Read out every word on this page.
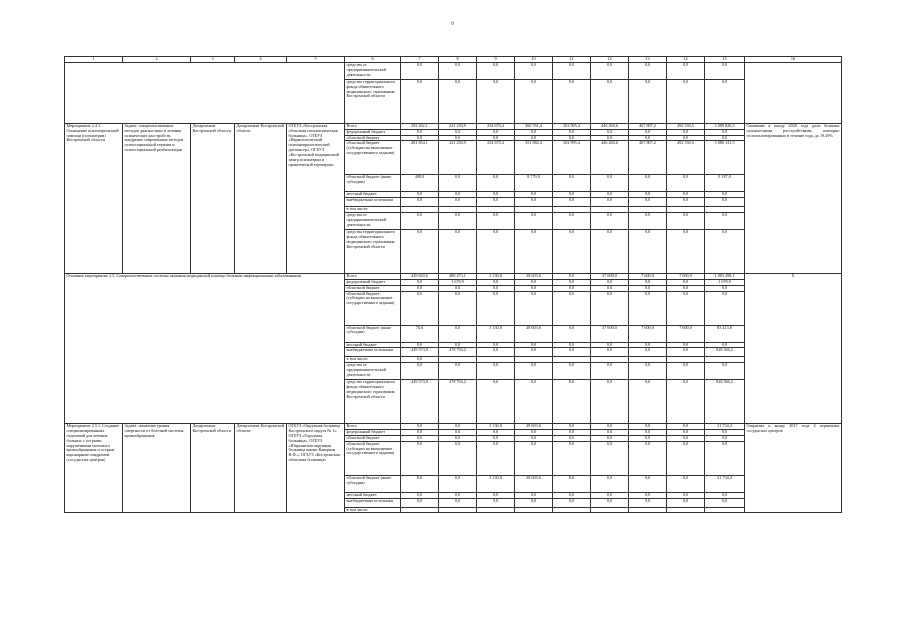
9
1	2	3	4	5	6	7	8	9	10	11	12	13	14	15	16
					средства от предпринимательской деятельности	0,0	0,0	0,0	0,0	0,0	0,0	0,0	0,0	0,0	
					средства территориального фонда обязательного медицинского страхования Костромской области	0,0	0,0	0,0	0,0	0,0	0,0	0,0	0,0	0,0	
Мероприятие 2.4.1. Оснащение психиатрической помощи (психиатрии) Костромской области	Задача: совершенствование методов диагностики и лечения психических расстройств, внедрение современных методов психосоциальной терапии и психосоциальной реабилитации	Департамент Костромской области	Департамент Костромской области	ОГБУЗ «Костромская областная психиатрическая больница», ОГБУЗ «Наркологический психоневрологический диспансер», ОГБУЗ «Костромской медицинский центр психиатрии и практической гериатрии»	Всего	282 262,1	221 230,9	234 670,4	360 761,4	302 995,4	446 260,6	467 807,2	492 530,5	3 089 826,5	Снижение к концу 2020 года доли больных психическими расстройствами, повторно госпитализированных в течение года, до 19,29%
					федеральный бюджет	0,0	0,0	0,0	0,0	0,0	0,0	0,0	0,0	0,0	
					областной бюджет	0,0	0,0	0,0	0,0	0,0	0,0	0,0	0,0	0,0	
					областной бюджет (субсидии на выполнение государственного задания)	281 854,1	221 230,9	234 670,4	351 982,4	302 995,4	446 260,6	467 807,2	492 530,5	3 080 141,5	
					областной бюджет (иные субсидии)	408,0	0,0	0,0	8 779,0	0,0	0,0	0,0	0,0	9 187,0	
					местный бюджет	0,0	0,0	0,0	0,0	0,0	0,0	0,0	0,0	0,0	
					внебюджетные источники	0,0	0,0	0,0	0,0	0,0	0,0	0,0	0,0	0,0	
					в том числе:										
					средства от предпринимательской деятельности	0,0	0,0	0,0	0,0	0,0	0,0	0,0	0,0	0,0	
					средства территориального фонда обязательного медицинского страхования Костромской области	0,0	0,0	0,0	0,0	0,0	0,0	0,0	0,0	0,0	
Основное мероприятие 2.5. Совершенствование системы оказания медицинской помощи больным инфекционными заболеваниями					Всего	449 620,6	480 473,1	3 130,8	28 603,6	0,0	37 600,0	7 600,0	7 600,0	1 083 498,1	Х
					федеральный бюджет	0,0	1 678,9	0,0	0,0	0,0	0,0	0,0	0,0	1 678,9	
					областной бюджет	0,0	0,0	0,0	0,0	0,0	0,0	0,0	0,0	0,0	
					областной бюджет (субсидии на выполнение государственного задания)	0,0	0,0	0,0	0,0	0,0	0,0	0,0	0,0	0,0	
					областной бюджет (иные субсидии)	76,6	0,0	3 130,8	28 603,6	0,0	37 600,0	7 600,0	7 600,0	83 413,8	
					местный бюджет	0,0	0,0	0,0	0,0	0,0	0,0	0,0	0,0	0,0	
					внебюджетные источники	449 573,0	478 794,2	0,0	0,0	0,0	0,0	0,0	0,0	928 366,2	
					в том числе:	0,0									
					средства от предпринимательской деятельности	0,0	0,0	0,0	0,0	0,0	0,0	0,0	0,0	0,0	
					средства территориального фонда обязательного медицинского страхования Костромской области	449 573,0	478 794,2	0,0	0,0	0,0	0,0	0,0	0,0	928 366,2	
Мероприятие 2.5.1. Создание специализированных отделений для лечения больных с острыми нарушениями мозгового кровообращения и острым коронарным синдромом (сосудистых центров)	Задача: снижение уровня смертности от болезней системы кровообращения	Департамент Костромской области	Департамент Костромской области	ОГБУЗ «Окружная больница Костромского округа № 1», ОГБУЗ «Городская больница», ОГБУЗ «Шарьинская окружная больница имени Каверина В.Ф.», ОГБУЗ «Костромская областная больница»	Всего	0,0	0,0	3 130,8	28 603,6	0,0	0,0	0,0	0,0	31 734,4	Открытие к концу 2017 года 4 первичных сосудистых центров
					федеральный бюджет	0,0	0,0	0,0	0,0	0,0	0,0	0,0	0,0	0,0	
					областной бюджет	0,0	0,0	0,0	0,0	0,0	0,0	0,0	0,0	0,0	
					областной бюджет (субсидии на выполнение государственного задания)	0,0	0,0	0,0	0,0	0,0	0,0	0,0	0,0	0,0	
					областной бюджет (иные субсидии)	0,0	0,0	3 130,8	28 603,6	0,0	0,0	0,0	0,0	31 734,4	
					местный бюджет	0,0	0,0	0,0	0,0	0,0	0,0	0,0	0,0	0,0	
					внебюджетные источники	0,0	0,0	0,0	0,0	0,0	0,0	0,0	0,0	0,0	
					в том числе:										
